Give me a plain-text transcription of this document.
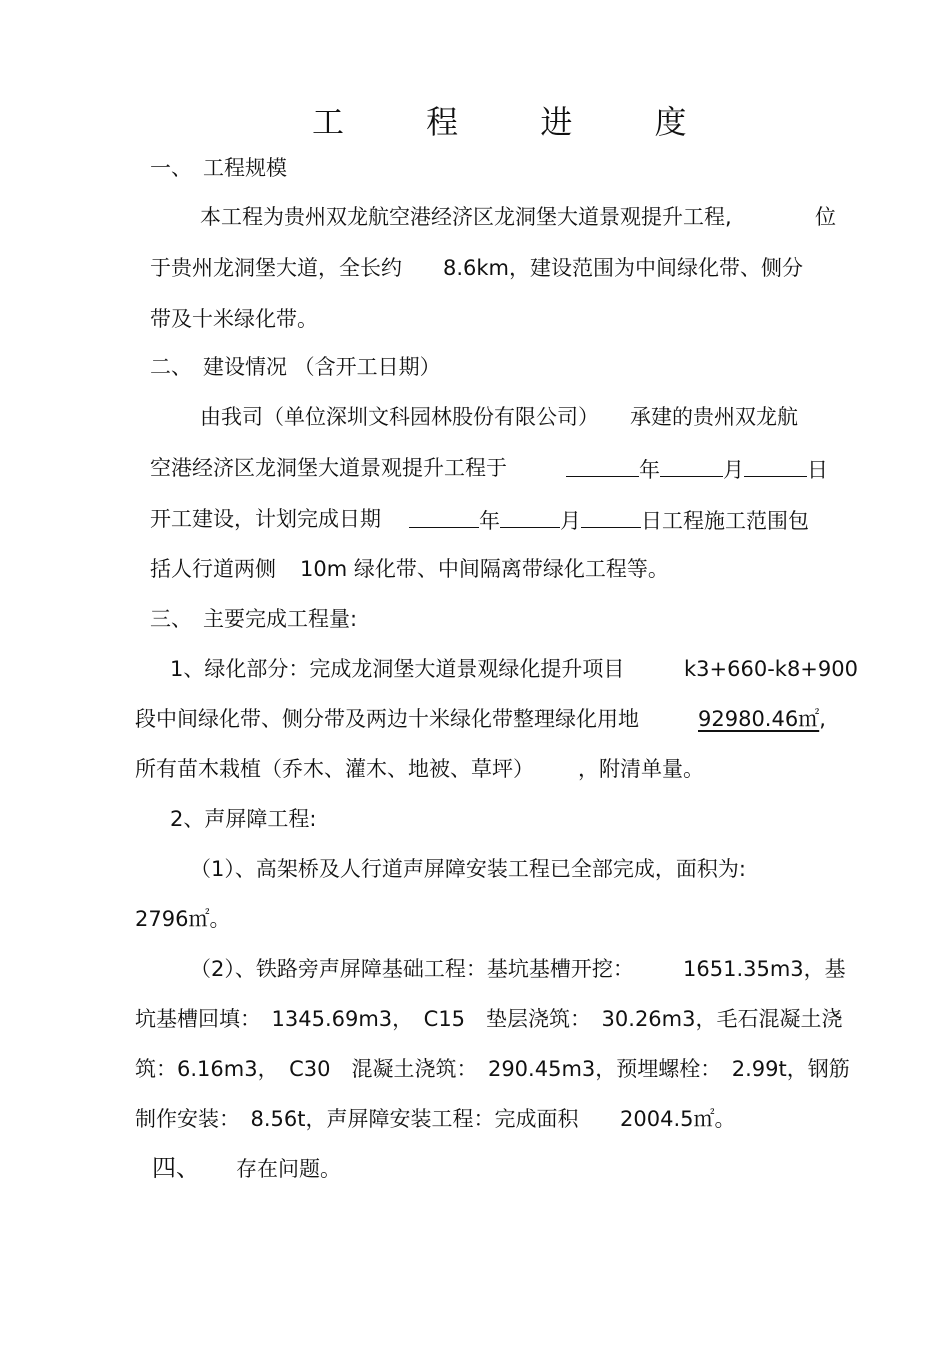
工 程 进 度
一、 工程规模
本工程为贵州双龙航空港经济区龙洞堡大道景观提升工程,	位
于贵州龙洞堡大道，全长约 8.6km，建设范围为中间绿化带、侧分
带及十米绿化带。
二、 建设情况 （含开工日期）
由我司（单位深圳文科园林股份有限公司） 承建的贵州双龙航
空港经济区龙洞堡大道景观提升工程于	年	月	日
开工建设，计划完成日期	年	月	日工程施工范围包
括人行道两侧 10m 绿化带、中间隔离带绿化工程等。
三、 主要完成工程量:
1、绿化部分：完成龙洞堡大道景观绿化提升项目	k3+660-k8+900
段中间绿化带、侧分带及两边十米绿化带整理绿化用地	92980.46㎡,
所有苗木栽植（乔木、灌木、地被、草坪） ，附清单量。
2、声屏障工程:
（1）、高架桥及人行道声屏障安装工程已全部完成，面积为:
2796㎡。
（2）、铁路旁声屏障基础工程：基坑基槽开挖： 1651.35m3，基
坑基槽回填：　1345.69m3，　C15　垫层浇筑：　30.26m3，毛石混凝土浇
筑：6.16m3，　C30　混凝土浇筑：　290.45m3，预埋螺栓：　2.99t，钢筋
制作安装：　8.56t，声屏障安装工程：完成面积 2004.5㎡。
四、 存在问题。
